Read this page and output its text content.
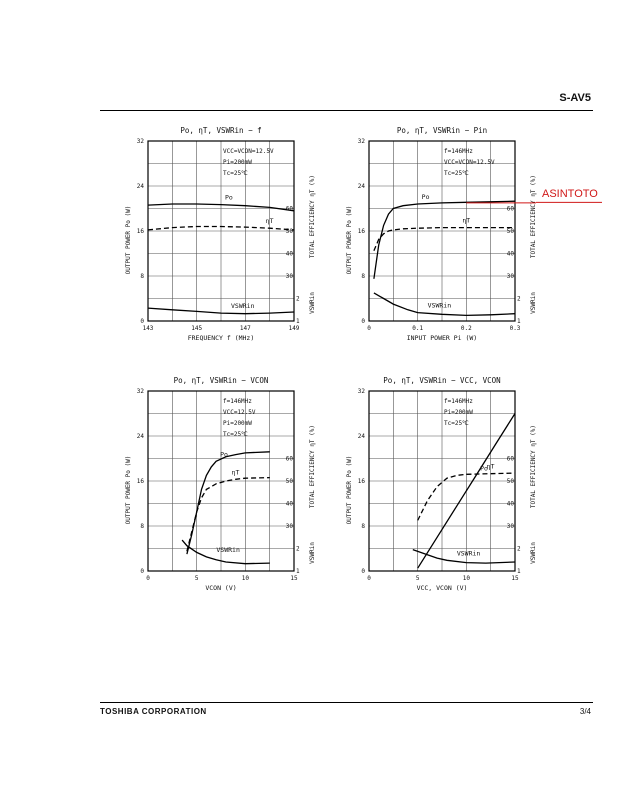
S-AV5
Po, ηT, VSWRin − f
0
8
16
24
32
143	145	147	149
60
50
40
30
2
1
FREQUENCY f (MHz)
OUTPUT POWER Po (W)	TOTAL EFFICIENCY ηT (%)
VSWRin
VCC=VCON=12.5V
Pi=200mW
Tc=25℃
Po
ηT
VSWRin
Po, ηT, VSWRin − Pin
0
8
16
24
32
0	0.1	0.2	0.3
60
50
40
30
2
1
INPUT POWER Pi (W)
OUTPUT POWER Po (W)	TOTAL EFFICIENCY ηT (%)
VSWRin
f=146MHz
VCC=VCON=12.5V
Tc=25℃
Po
ηT
VSWRin
Po, ηT, VSWRin − VCON
0
8
16
24
32
0	5	10	15
60
50
40
30
2
1
VCON (V)
OUTPUT POWER Po (W)	TOTAL EFFICIENCY ηT (%)
VSWRin
f=146MHz
VCC=12.5V
Pi=200mW
Tc=25℃
Po
ηT
VSWRin
Po, ηT, VSWRin − VCC, VCON
0
8
16
24
32
0	5	10	15
60
50
40
30
2
1
VCC, VCON (V)
OUTPUT POWER Po (W)	TOTAL EFFICIENCY ηT (%)
VSWRin
f=146MHz
Pi=200mW
Tc=25℃
Po
ηT
VSWRin
ASINTOTO
TOSHIBA CORPORATION	3/4
